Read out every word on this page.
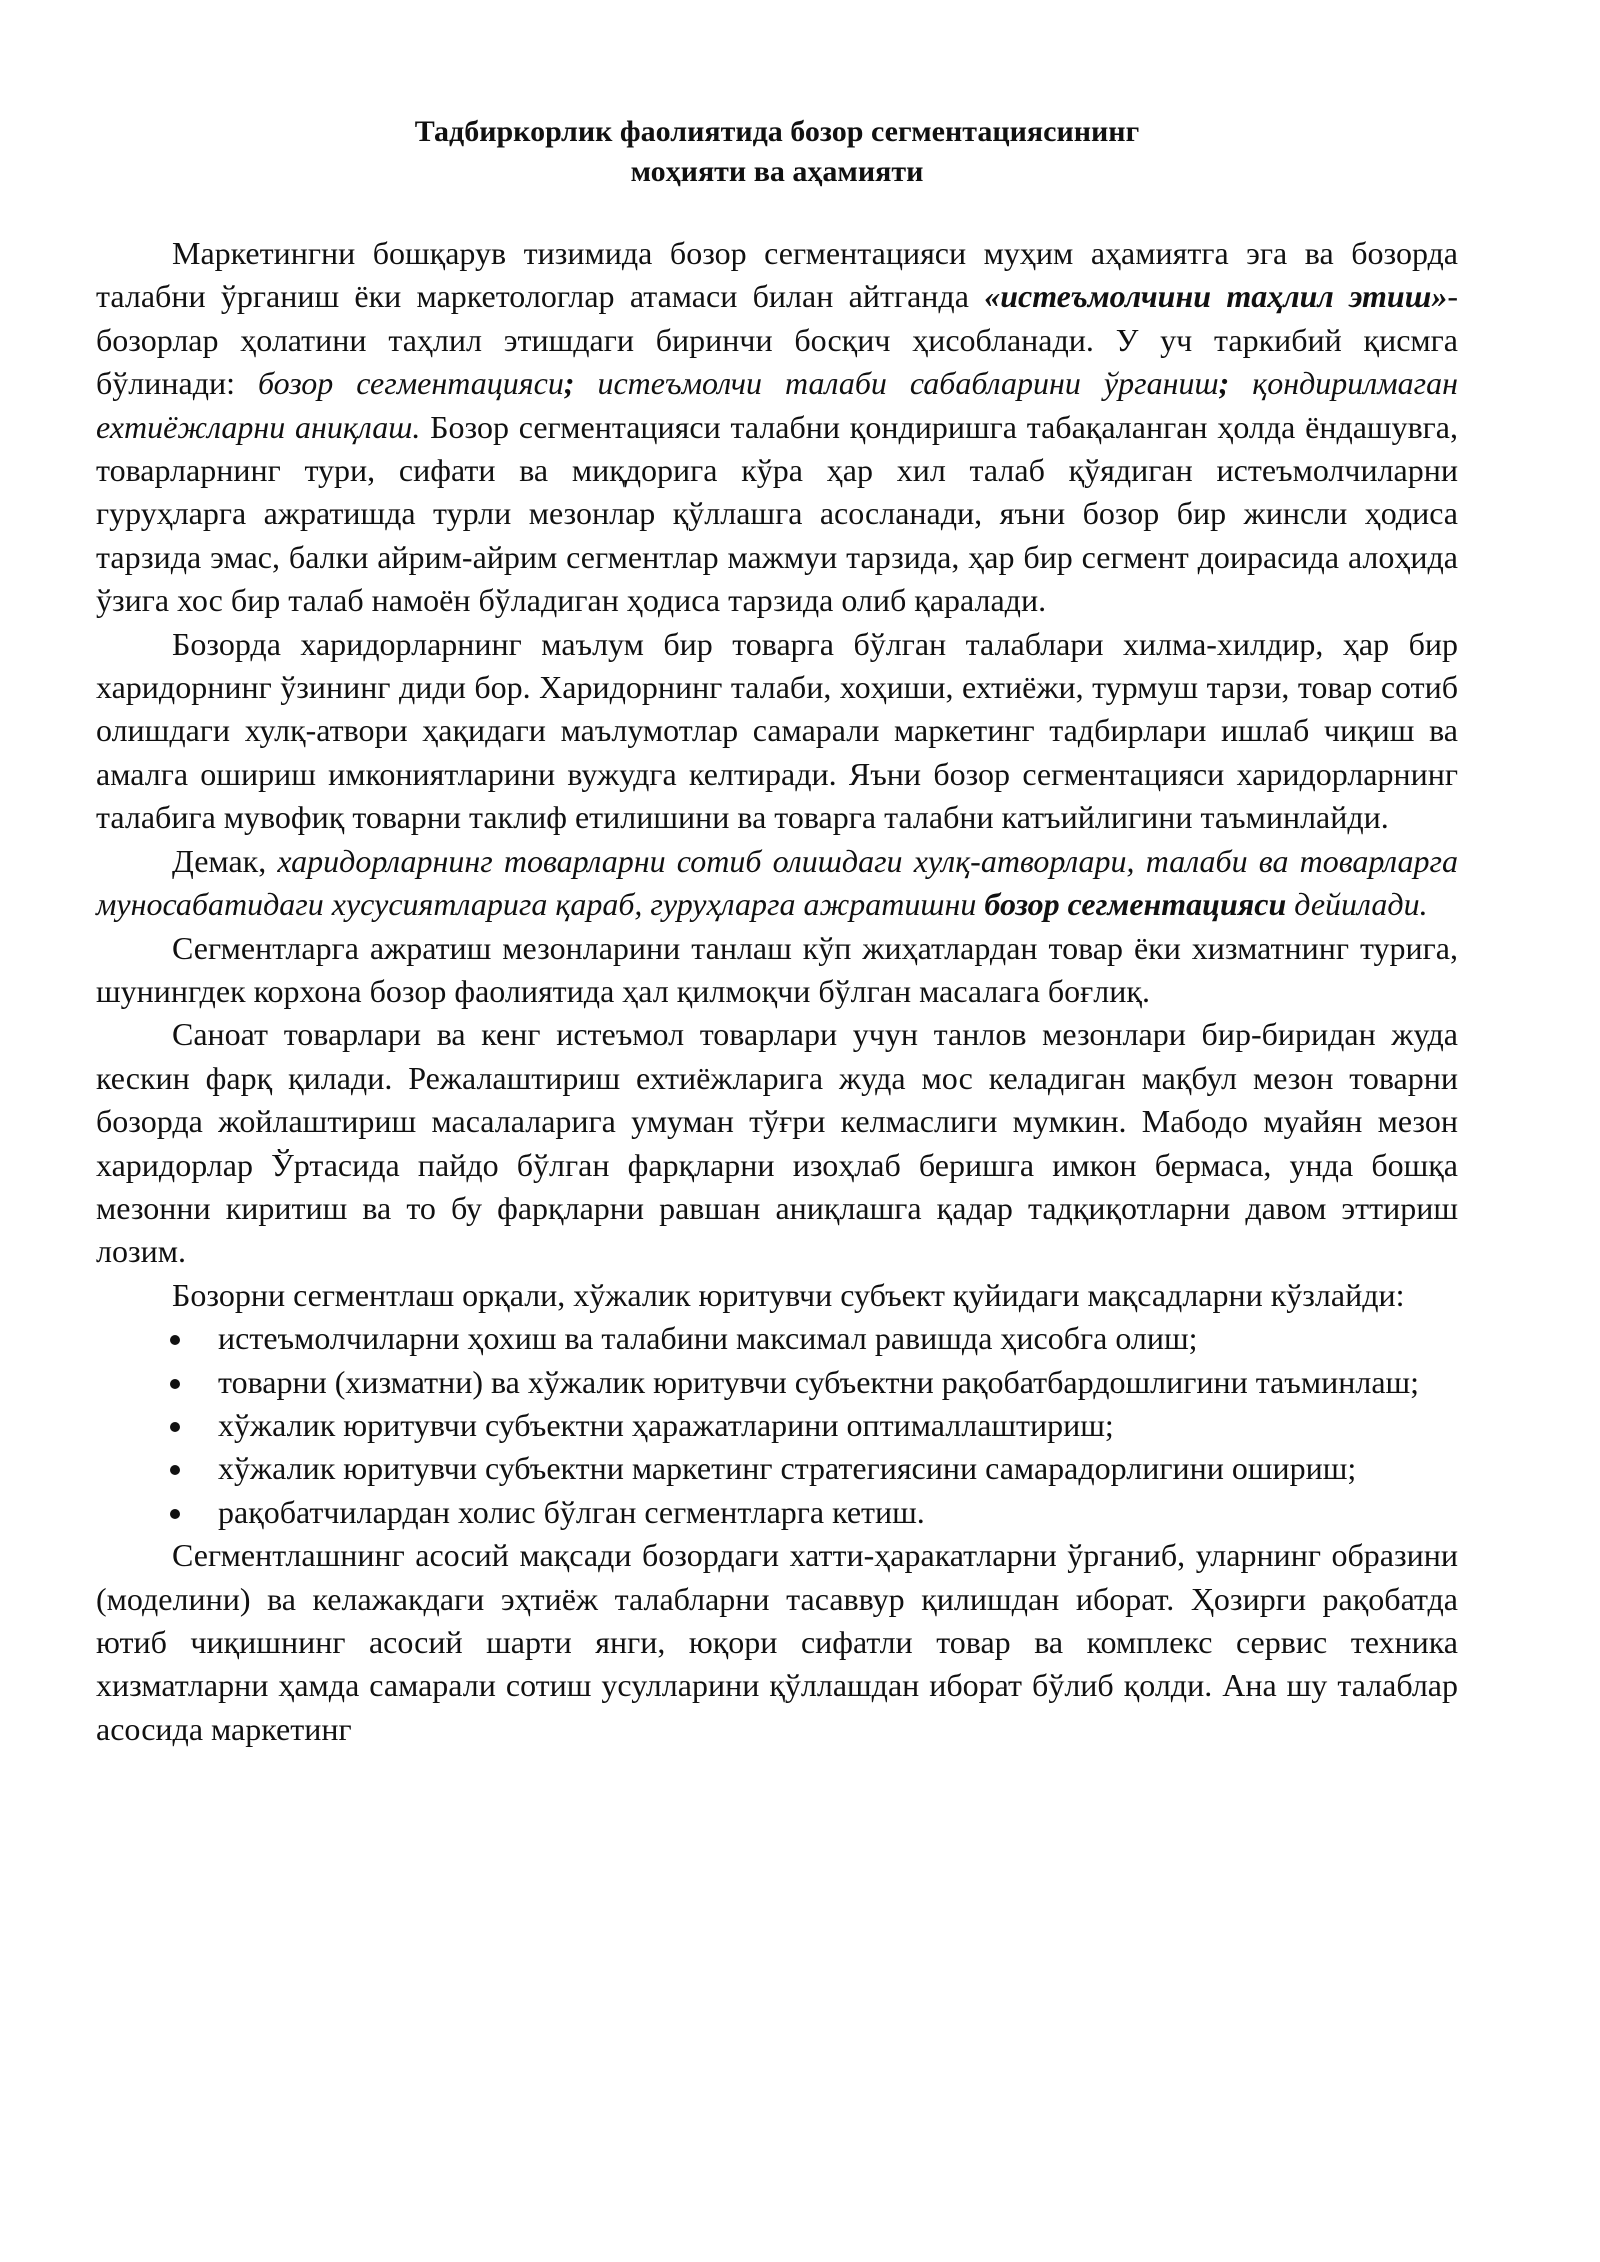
Тадбиркорлик фаолиятида бозор сегментациясининг
моҳияти ва аҳамияти

Маркетингни бошқарув тизимида бозор сегментацияси муҳим аҳамиятга эга ва бозорда талабни ўрганиш ёки маркетологлар атамаси билан айтганда «истеъмолчини таҳлил этиш»- бозорлар ҳолатини таҳлил этишдаги биринчи босқич ҳисобланади. У уч таркибий қисмга бўлинади: бозор сегментацияси; истеъмолчи талаби сабабларини ўрганиш; қондирилмаган ехтиёжларни аниқлаш. Бозор сегментацияси талабни қондиришга табақаланган ҳолда ёндашувга, товарларнинг тури, сифати ва миқдорига кўра ҳар хил талаб қўядиган истеъмолчиларни гуруҳларга ажратишда турли мезонлар қўллашга асосланади, яъни бозор бир жинсли ҳодиса тарзида эмас, балки айрим-айрим сегментлар мажмуи тарзида, ҳар бир сегмент доирасида алоҳида ўзига хос бир талаб намоён бўладиган ҳодиса тарзида олиб қаралади.

Бозорда харидорларнинг маълум бир товарга бўлган талаблари хилма-хилдир, ҳар бир харидорнинг ўзининг диди бор. Харидорнинг талаби, хоҳиши, ехтиёжи, турмуш тарзи, товар сотиб олишдаги хулқ-атвори ҳақидаги маълумотлар самарали маркетинг тадбирлари ишлаб чиқиш ва амалга ошириш имкониятларини вужудга келтиради. Яъни бозор сегментацияси харидорларнинг талабига мувофиқ товарни таклиф етилишини ва товарга талабни катъийлигини таъминлайди.

Демак, харидорларнинг товарларни сотиб олишдаги хулқ-атворлари, талаби ва товарларга муносабатидаги хусусиятларига қараб, гуруҳларга ажратишни бозор сегментацияси дейилади.

Сегментларга ажратиш мезонларини танлаш кўп жиҳатлардан товар ёки хизматнинг турига, шунингдек корхона бозор фаолиятида ҳал қилмоқчи бўлган масалага боғлиқ.

Саноат товарлари ва кенг истеъмол товарлари учун танлов мезонлари бир-биридан жуда кескин фарқ қилади. Режалаштириш ехтиёжларига жуда мос келадиган мақбул мезон товарни бозорда жойлаштириш масалаларига умуман тўғри келмаслиги мумкин. Мабодо муайян мезон харидорлар Ўртасида пайдо бўлган фарқларни изоҳлаб беришга имкон бермаса, унда бошқа мезонни киритиш ва то бу фарқларни равшан аниқлашга қадар тадқиқотларни давом эттириш лозим.

Бозорни сегментлаш орқали, хўжалик юритувчи субъект қуйидаги мақсадларни кўзлайди:

истеъмолчиларни ҳохиш ва талабини максимал равишда ҳисобга олиш;
товарни (хизматни) ва хўжалик юритувчи субъектни рақобатбардошлигини таъминлаш;
хўжалик юритувчи субъектни ҳаражатларини оптималлаштириш;
хўжалик юритувчи субъектни маркетинг стратегиясини самарадорлигини ошириш;
рақобатчилардан холис бўлган сегментларга кетиш.

Сегментлашнинг асосий мақсади бозордаги хатти-ҳаракатларни ўрганиб, уларнинг образини (моделини) ва келажакдаги эҳтиёж талабларни тасаввур қилишдан иборат. Ҳозирги рақобатда ютиб чиқишнинг асосий шарти янги, юқори сифатли товар ва комплекс сервис техника хизматларни ҳамда самарали сотиш усулларини қўллашдан иборат бўлиб қолди. Ана шу талаблар асосида маркетинг
